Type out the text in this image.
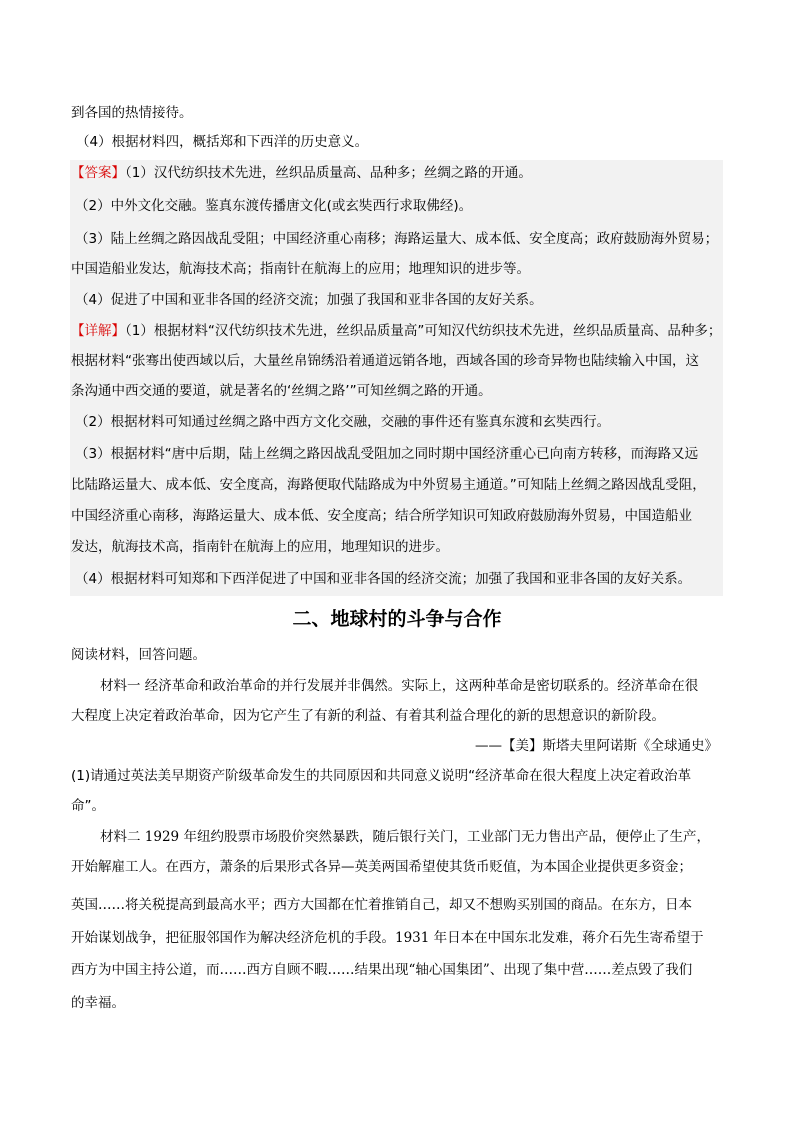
到各国的热情接待。
（4）根据材料四，概括郑和下西洋的历史意义。
【答案】（1）汉代纺织技术先进，丝织品质量高、品种多；丝绸之路的开通。
（2）中外文化交融。鉴真东渡传播唐文化(或玄奘西行求取佛经)。
（3）陆上丝绸之路因战乱受阻；中国经济重心南移；海路运量大、成本低、安全度高；政府鼓励海外贸易；
中国造船业发达，航海技术高；指南针在航海上的应用；地理知识的进步等。
（4）促进了中国和亚非各国的经济交流；加强了我国和亚非各国的友好关系。
【详解】（1）根据材料“汉代纺织技术先进，丝织品质量高”可知汉代纺织技术先进，丝织品质量高、品种多；
根据材料“张骞出使西域以后，大量丝帛锦绣沿着通道远销各地，西域各国的珍奇异物也陆续输入中国，这
条沟通中西交通的要道，就是著名的‘丝绸之路’”可知丝绸之路的开通。
（2）根据材料可知通过丝绸之路中西方文化交融，交融的事件还有鉴真东渡和玄奘西行。
（3）根据材料“唐中后期，陆上丝绸之路因战乱受阻加之同时期中国经济重心已向南方转移，而海路又远
比陆路运量大、成本低、安全度高，海路便取代陆路成为中外贸易主通道。”可知陆上丝绸之路因战乱受阻，
中国经济重心南移，海路运量大、成本低、安全度高；结合所学知识可知政府鼓励海外贸易，中国造船业
发达，航海技术高，指南针在航海上的应用，地理知识的进步。
（4）根据材料可知郑和下西洋促进了中国和亚非各国的经济交流；加强了我国和亚非各国的友好关系。
二、地球村的斗争与合作
阅读材料，回答问题。
材料一 经济革命和政治革命的并行发展并非偶然。实际上，这两种革命是密切联系的。经济革命在很
大程度上决定着政治革命，因为它产生了有新的利益、有着其利益合理化的新的思想意识的新阶段。
——【美】斯塔夫里阿诺斯《全球通史》
(1)请通过英法美早期资产阶级革命发生的共同原因和共同意义说明“经济革命在很大程度上决定着政治革
命”。
材料二 1929 年纽约股票市场股价突然暴跌，随后银行关门，工业部门无力售出产品，便停止了生产，
开始解雇工人。在西方，萧条的后果形式各异—英美两国希望使其货币贬值，为本国企业提供更多资金；
英国……将关税提高到最高水平；西方大国都在忙着推销自己，却又不想购买别国的商品。在东方，日本
开始谋划战争，把征服邻国作为解决经济危机的手段。1931 年日本在中国东北发难，蒋介石先生寄希望于
西方为中国主持公道，而……西方自顾不暇……结果出现“轴心国集团”、出现了集中营……差点毁了我们
的幸福。
